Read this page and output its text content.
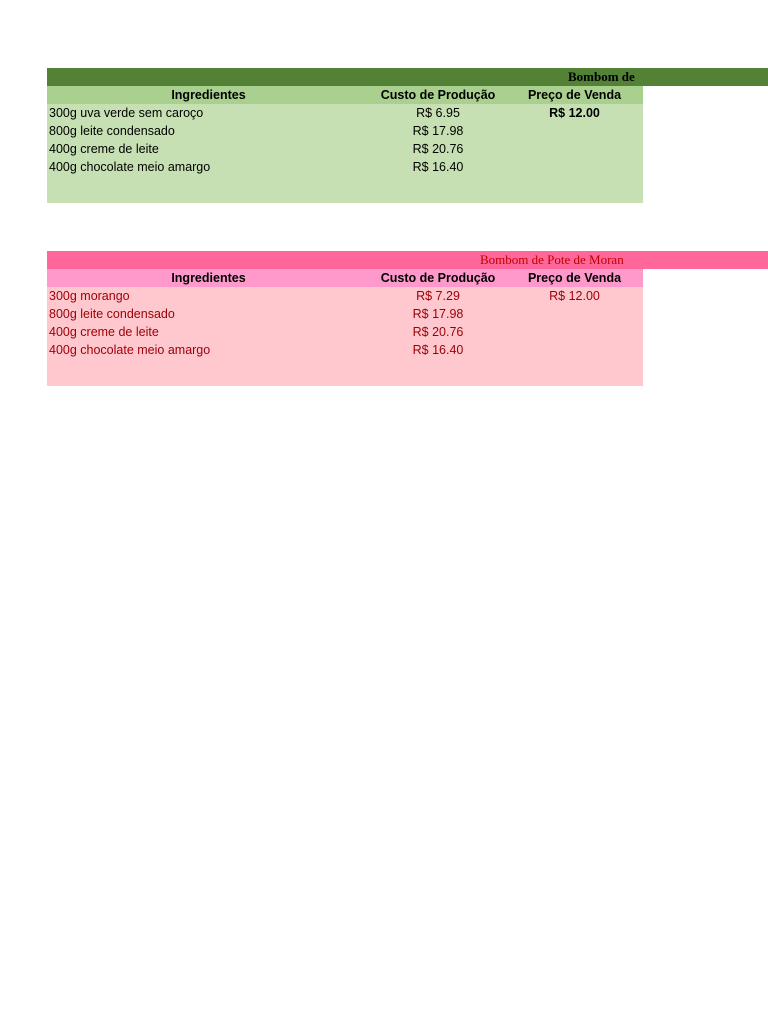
Bombom de
Ingredientes	Custo de Produção	Preço de Venda
300g uva verde sem caroço	R$ 6.95	R$ 12.00
800g leite condensado	R$ 17.98
400g creme de leite	R$ 20.76
400g chocolate meio amargo	R$ 16.40
Bombom de Pote de Moran
Ingredientes	Custo de Produção	Preço de Venda
300g morango	R$ 7.29	R$ 12.00
800g leite condensado	R$ 17.98
400g creme de leite	R$ 20.76
400g chocolate meio amargo	R$ 16.40
